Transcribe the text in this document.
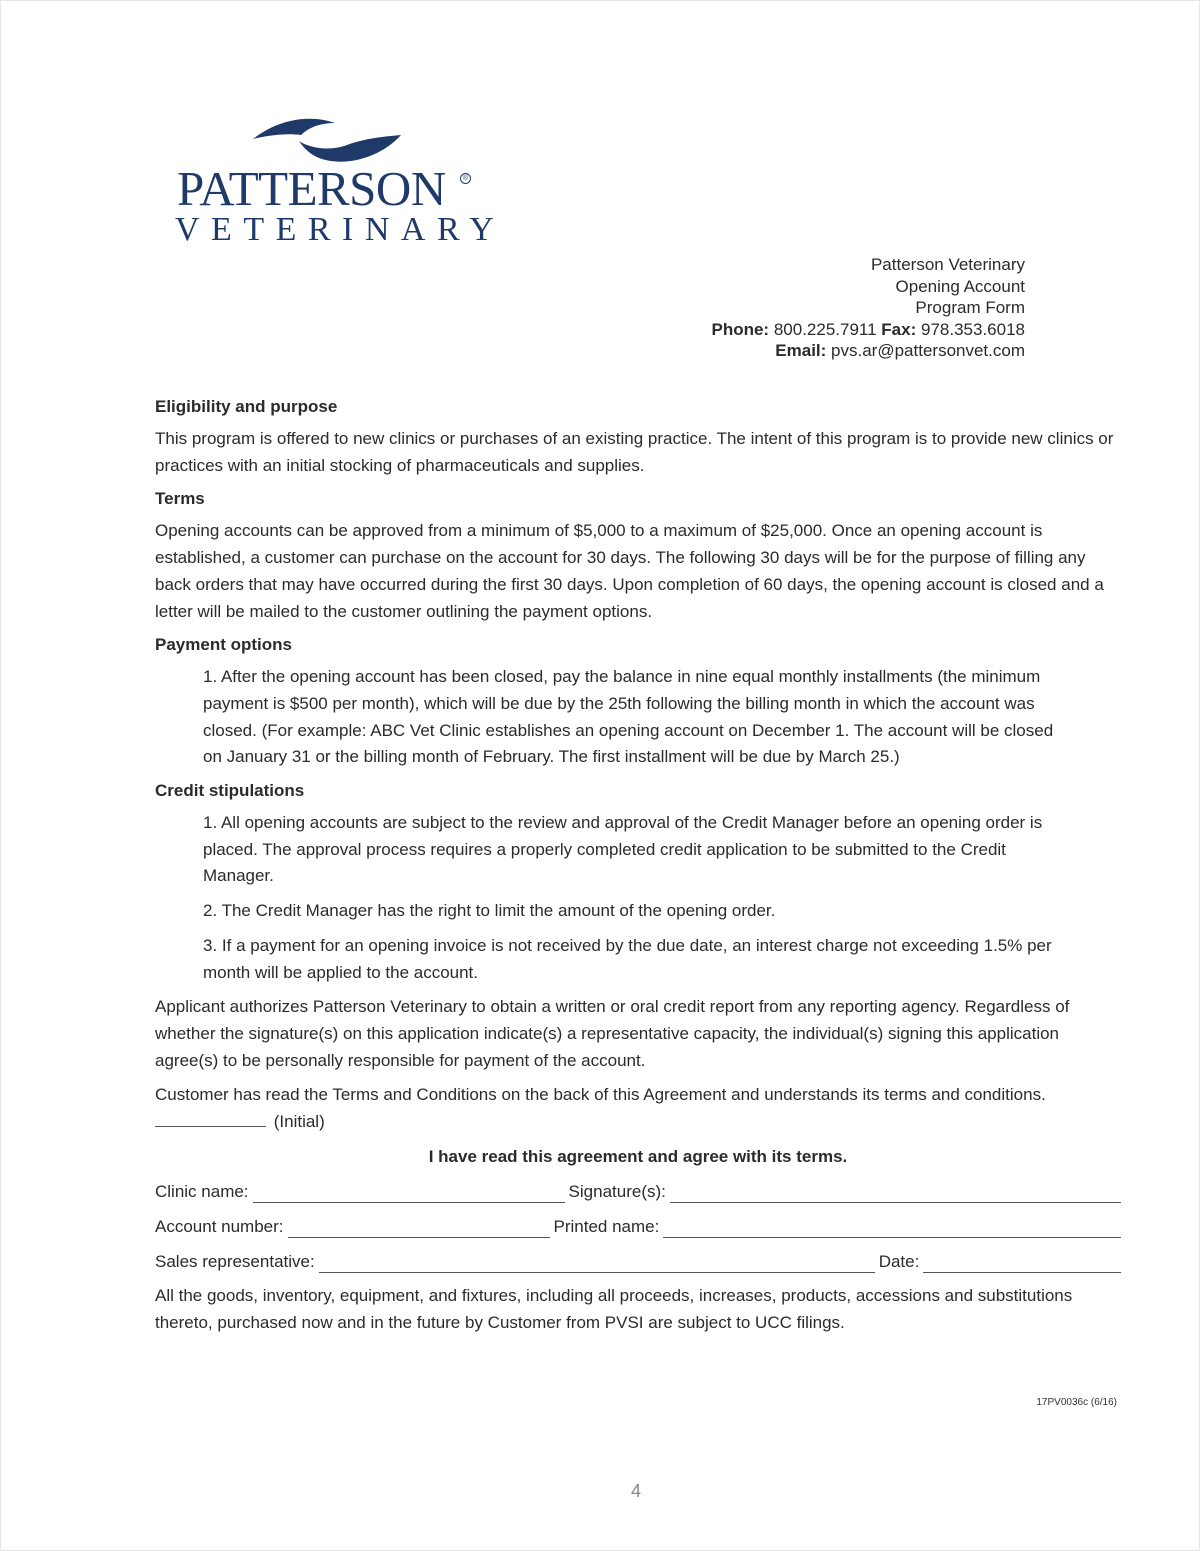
PATTERSON	®
VETERINARY
Patterson Veterinary
Opening Account
Program Form
Phone: 800.225.7911 Fax: 978.353.6018
Email: pvs.ar@pattersonvet.com
Eligibility and purpose

This program is offered to new clinics or purchases of an existing practice. The intent of this program is to provide new clinics or practices with an initial stocking of pharmaceuticals and supplies.

Terms

Opening accounts can be approved from a minimum of $5,000 to a maximum of $25,000. Once an opening account is established, a customer can purchase on the account for 30 days. The following 30 days will be for the purpose of filling any back orders that may have occurred during the first 30 days. Upon completion of 60 days, the opening account is closed and a letter will be mailed to the customer outlining the payment options.

Payment options

1. After the opening account has been closed, pay the balance in nine equal monthly installments (the minimum payment is $500 per month), which will be due by the 25th following the billing month in which the account was closed. (For example: ABC Vet Clinic establishes an opening account on December 1. The account will be closed on January 31 or the billing month of February. The first installment will be due by March 25.)

Credit stipulations

1. All opening accounts are subject to the review and approval of the Credit Manager before an opening order is placed. The approval process requires a properly completed credit application to be submitted to the Credit Manager.

2. The Credit Manager has the right to limit the amount of the opening order.

3. If a payment for an opening invoice is not received by the due date, an interest charge not exceeding 1.5% per month will be applied to the account.

Applicant authorizes Patterson Veterinary to obtain a written or oral credit report from any reporting agency. Regardless of whether the signature(s) on this application indicate(s) a representative capacity, the individual(s) signing this application agree(s) to be personally responsible for payment of the account.

Customer has read the Terms and Conditions on the back of this Agreement and understands its terms and conditions.
(Initial)

I have read this agreement and agree with its terms.

Clinic name:	Signature(s):
Account number:	Printed name:
Sales representative:	Date:

All the goods, inventory, equipment, and fixtures, including all proceeds, increases, products, accessions and substitutions thereto, purchased now and in the future by Customer from PVSI are subject to UCC filings.

17PV0036c (6/16)
4
